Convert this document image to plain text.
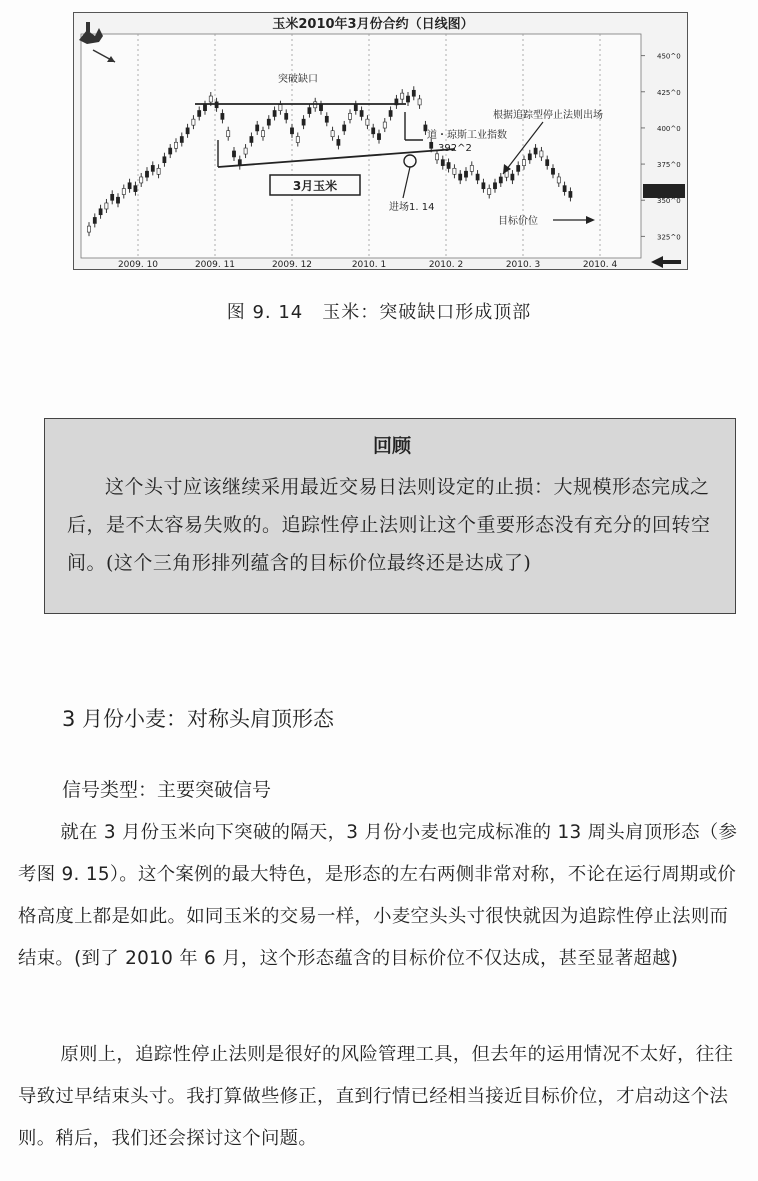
玉米2010年3月份合约（日线图）
突破缺口
道・琼斯工业指数
392^2
3月玉米
进场1. 14
根据追踪型停止法则出场
目标价位
2009. 10	2009. 11	2009. 12	2010. 1	2010. 2	2010. 3	2010. 4
450^0
425^0
400^0
375^0
350^0
325^0
图 9. 14　玉米：突破缺口形成顶部
回顾
这个头寸应该继续采用最近交易日法则设定的止损：大规模形态完成之后，是不太容易失败的。追踪性停止法则让这个重要形态没有充分的回转空间。(这个三角形排列蕴含的目标价位最终还是达成了)
3 月份小麦：对称头肩顶形态
信号类型：主要突破信号
就在 3 月份玉米向下突破的隔天，3 月份小麦也完成标准的 13 周头肩顶形态（参考图 9. 15）。这个案例的最大特色，是形态的左右两侧非常对称，不论在运行周期或价格高度上都是如此。如同玉米的交易一样，小麦空头头寸很快就因为追踪性停止法则而结束。(到了 2010 年 6 月，这个形态蕴含的目标价位不仅达成，甚至显著超越)
原则上，追踪性停止法则是很好的风险管理工具，但去年的运用情况不太好，往往导致过早结束头寸。我打算做些修正，直到行情已经相当接近目标价位，才启动这个法则。稍后，我们还会探讨这个问题。
